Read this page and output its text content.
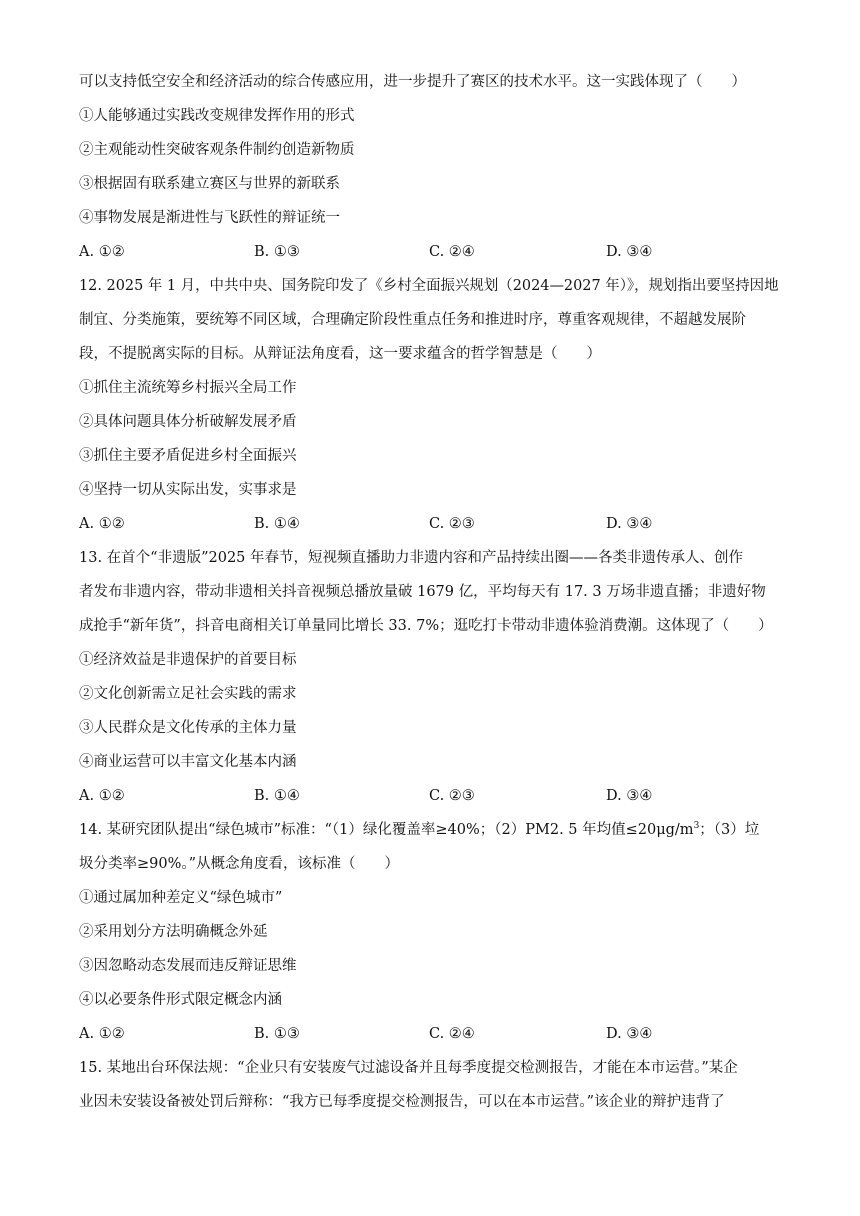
可以支持低空安全和经济活动的综合传感应用，进一步提升了赛区的技术水平。这一实践体现了（　　）
①人能够通过实践改变规律发挥作用的形式
②主观能动性突破客观条件制约创造新物质
③根据固有联系建立赛区与世界的新联系
④事物发展是渐进性与飞跃性的辩证统一
A. ①②	B. ①③	C. ②④	D. ③④
12. 2025 年 1 月，中共中央、国务院印发了《乡村全面振兴规划（2024—2027 年）》，规划指出要坚持因地
制宜、分类施策，要统筹不同区域，合理确定阶段性重点任务和推进时序，尊重客观规律，不超越发展阶
段，不提脱离实际的目标。从辩证法角度看，这一要求蕴含的哲学智慧是（　　）
①抓住主流统筹乡村振兴全局工作
②具体问题具体分析破解发展矛盾
③抓住主要矛盾促进乡村全面振兴
④坚持一切从实际出发，实事求是
A. ①②	B. ①④	C. ②③	D. ③④
13. 在首个“非遗版”2025 年春节，短视频直播助力非遗内容和产品持续出圈——各类非遗传承人、创作
者发布非遗内容，带动非遗相关抖音视频总播放量破 1679 亿，平均每天有 17. 3 万场非遗直播；非遗好物
成抢手“新年货”，抖音电商相关订单量同比增长 33. 7%；逛吃打卡带动非遗体验消费潮。这体现了（　　）
①经济效益是非遗保护的首要目标
②文化创新需立足社会实践的需求
③人民群众是文化传承的主体力量
④商业运营可以丰富文化基本内涵
A. ①②	B. ①④	C. ②③	D. ③④
14. 某研究团队提出“绿色城市”标准：“（1）绿化覆盖率≥40%；（2）PM2. 5 年均值$\le 20\mu g/m^3$；（3）垃
圾分类率≥90%。”从概念角度看，该标准（　　）
①通过属加种差定义“绿色城市”
②采用划分方法明确概念外延
③因忽略动态发展而违反辩证思维
④以必要条件形式限定概念内涵
A. ①②	B. ①③	C. ②④	D. ③④
15. 某地出台环保法规：“企业只有安装废气过滤设备并且每季度提交检测报告，才能在本市运营。”某企
业因未安装设备被处罚后辩称：“我方已每季度提交检测报告，可以在本市运营。”该企业的辩护违背了
